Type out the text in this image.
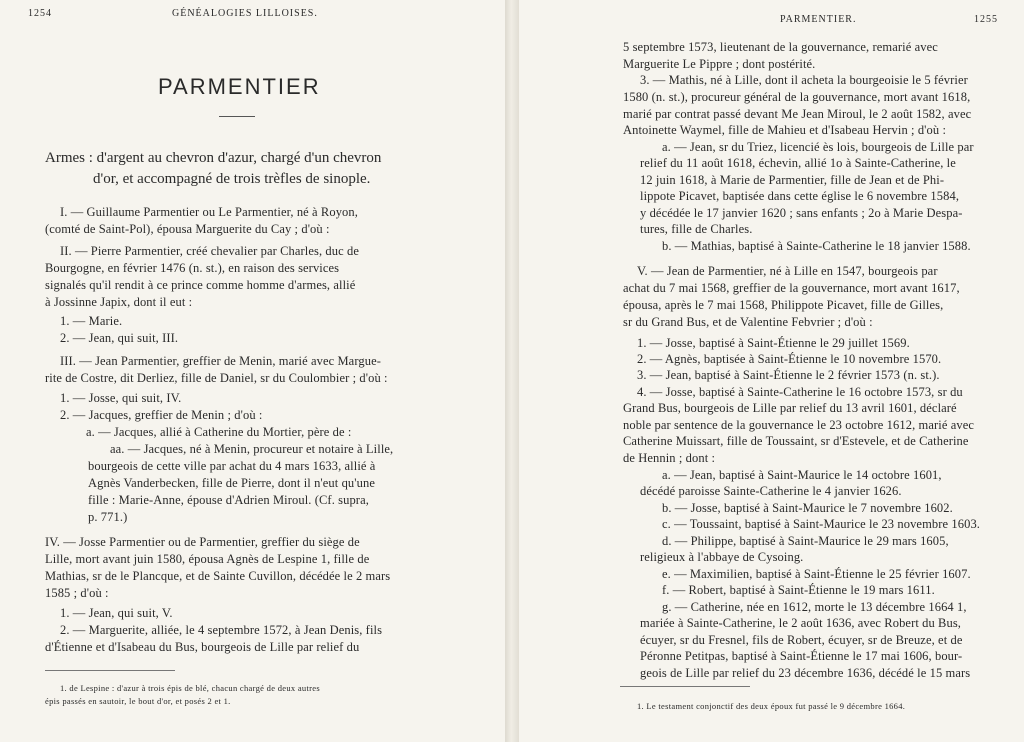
1254	GÉNÉALOGIES LILLOISES.
PARMENTIER
Armes : d'argent au chevron d'azur, chargé d'un chevron
d'or, et accompagné de trois trèfles de sinople.
I. — Guillaume Parmentier ou Le Parmentier, né à Royon,
(comté de Saint-Pol), épousa Marguerite du Cay ; d'où :
II. — Pierre Parmentier, créé chevalier par Charles, duc de
Bourgogne, en février 1476 (n. st.), en raison des services
signalés qu'il rendit à ce prince comme homme d'armes, allié
à Jossinne Japix, dont il eut :
1. — Marie.
2. — Jean, qui suit, III.
III. — Jean Parmentier, greffier de Menin, marié avec Margue-
rite de Costre, dit Derliez, fille de Daniel, sr du Coulombier ; d'où :
1. — Josse, qui suit, IV.
2. — Jacques, greffier de Menin ; d'où :
a. — Jacques, allié à Catherine du Mortier, père de :
aa. — Jacques, né à Menin, procureur et notaire à Lille,
bourgeois de cette ville par achat du 4 mars 1633, allié à
Agnès Vanderbecken, fille de Pierre, dont il n'eut qu'une
fille : Marie-Anne, épouse d'Adrien Miroul. (Cf. supra,
p. 771.)
IV. — Josse Parmentier ou de Parmentier, greffier du siège de
Lille, mort avant juin 1580, épousa Agnès de Lespine 1, fille de
Mathias, sr de le Plancque, et de Sainte Cuvillon, décédée le 2 mars
1585 ; d'où :
1. — Jean, qui suit, V.
2. — Marguerite, alliée, le 4 septembre 1572, à Jean Denis, fils
d'Étienne et d'Isabeau du Bus, bourgeois de Lille par relief du
1. de Lespine : d'azur à trois épis de blé, chacun chargé de deux autres
épis passés en sautoir, le bout d'or, et posés 2 et 1.
PARMENTIER.	1255
5 septembre 1573, lieutenant de la gouvernance, remarié avec
Marguerite Le Pippre ; dont postérité.
3. — Mathis, né à Lille, dont il acheta la bourgeoisie le 5 février
1580 (n. st.), procureur général de la gouvernance, mort avant 1618,
marié par contrat passé devant Me Jean Miroul, le 2 août 1582, avec
Antoinette Waymel, fille de Mahieu et d'Isabeau Hervin ; d'où :
a. — Jean, sr du Triez, licencié ès lois, bourgeois de Lille par
relief du 11 août 1618, échevin, allié 1o à Sainte-Catherine, le
12 juin 1618, à Marie de Parmentier, fille de Jean et de Phi-
lippote Picavet, baptisée dans cette église le 6 novembre 1584,
y décédée le 17 janvier 1620 ; sans enfants ; 2o à Marie Despa-
tures, fille de Charles.
b. — Mathias, baptisé à Sainte-Catherine le 18 janvier 1588.
V. — Jean de Parmentier, né à Lille en 1547, bourgeois par
achat du 7 mai 1568, greffier de la gouvernance, mort avant 1617,
épousa, après le 7 mai 1568, Philippote Picavet, fille de Gilles,
sr du Grand Bus, et de Valentine Febvrier ; d'où :
1. — Josse, baptisé à Saint-Étienne le 29 juillet 1569.
2. — Agnès, baptisée à Saint-Étienne le 10 novembre 1570.
3. — Jean, baptisé à Saint-Étienne le 2 février 1573 (n. st.).
4. — Josse, baptisé à Sainte-Catherine le 16 octobre 1573, sr du
Grand Bus, bourgeois de Lille par relief du 13 avril 1601, déclaré
noble par sentence de la gouvernance le 23 octobre 1612, marié avec
Catherine Muissart, fille de Toussaint, sr d'Estevele, et de Catherine
de Hennin ; dont :
a. — Jean, baptisé à Saint-Maurice le 14 octobre 1601,
décédé paroisse Sainte-Catherine le 4 janvier 1626.
b. — Josse, baptisé à Saint-Maurice le 7 novembre 1602.
c. — Toussaint, baptisé à Saint-Maurice le 23 novembre 1603.
d. — Philippe, baptisé à Saint-Maurice le 29 mars 1605,
religieux à l'abbaye de Cysoing.
e. — Maximilien, baptisé à Saint-Étienne le 25 février 1607.
f. — Robert, baptisé à Saint-Étienne le 19 mars 1611.
g. — Catherine, née en 1612, morte le 13 décembre 1664 1,
mariée à Sainte-Catherine, le 2 août 1636, avec Robert du Bus,
écuyer, sr du Fresnel, fils de Robert, écuyer, sr de Breuze, et de
Péronne Petitpas, baptisé à Saint-Étienne le 17 mai 1606, bour-
geois de Lille par relief du 23 décembre 1636, décédé le 15 mars
1. Le testament conjonctif des deux époux fut passé le 9 décembre 1664.
